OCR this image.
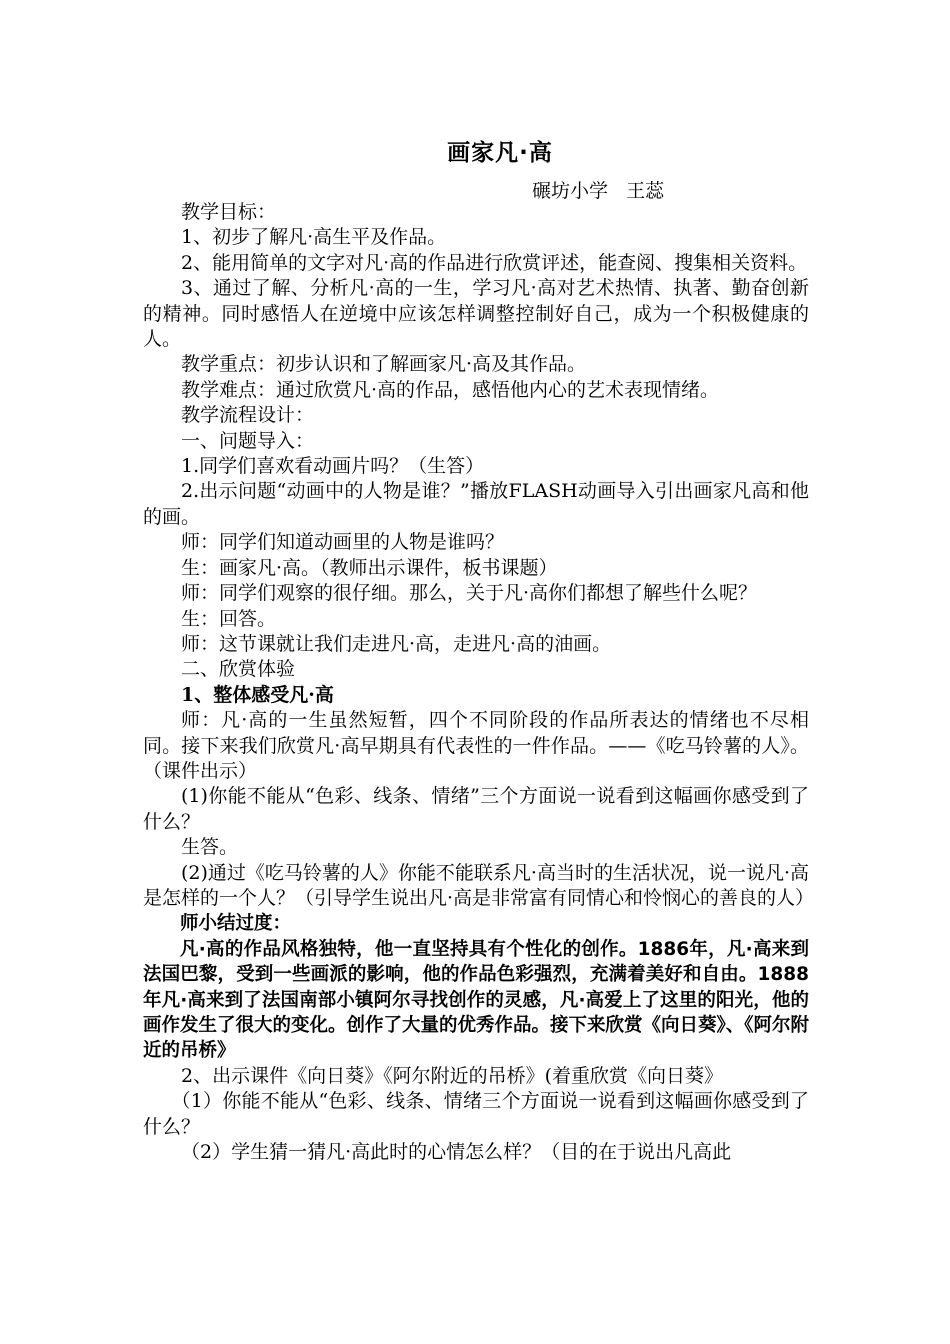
画家凡·高
碾坊小学   王蕊

教学目标：

1、初步了解凡·高生平及作品。

2、能用简单的文字对凡·高的作品进行欣赏评述，能查阅、搜集相关资料。

3、通过了解、分析凡·高的一生，学习凡·高对艺术热情、执著、勤奋创新的精神。同时感悟人在逆境中应该怎样调整控制好自己，成为一个积极健康的人。

教学重点：初步认识和了解画家凡·高及其作品。

教学难点：通过欣赏凡·高的作品，感悟他内心的艺术表现情绪。

教学流程设计：

一、问题导入：

1.同学们喜欢看动画片吗？（生答）

2.出示问题“动画中的人物是谁？”播放FLASH动画导入引出画家凡高和他的画。

师：同学们知道动画里的人物是谁吗？

生：画家凡·高。（教师出示课件，板书课题）

师：同学们观察的很仔细。那么，关于凡·高你们都想了解些什么呢？

生：回答。

师：这节课就让我们走进凡·高，走进凡·高的油画。

二、欣赏体验

1、整体感受凡·高

师：凡·高的一生虽然短暂，四个不同阶段的作品所表达的情绪也不尽相同。接下来我们欣赏凡·高早期具有代表性的一件作品。——《吃马铃薯的人》。（课件出示）

(1)你能不能从“色彩、线条、情绪”三个方面说一说看到这幅画你感受到了什么？

生答。

(2)通过《吃马铃薯的人》你能不能联系凡·高当时的生活状况，说一说凡·高是怎样的一个人？（引导学生说出凡·高是非常富有同情心和怜悯心的善良的人）

师小结过度：

凡·高的作品风格独特，他一直坚持具有个性化的创作。1886年，凡·高来到法国巴黎，受到一些画派的影响，他的作品色彩强烈，充满着美好和自由。1888年凡·高来到了法国南部小镇阿尔寻找创作的灵感，凡·高爱上了这里的阳光，他的画作发生了很大的变化。创作了大量的优秀作品。接下来欣赏《向日葵》、《阿尔附近的吊桥》

2、出示课件《向日葵》《阿尔附近的吊桥》(着重欣赏《向日葵》

（1）你能不能从“色彩、线条、情绪三个方面说一说看到这幅画你感受到了什么？

（2）学生猜一猜凡·高此时的心情怎么样？（目的在于说出凡高此
